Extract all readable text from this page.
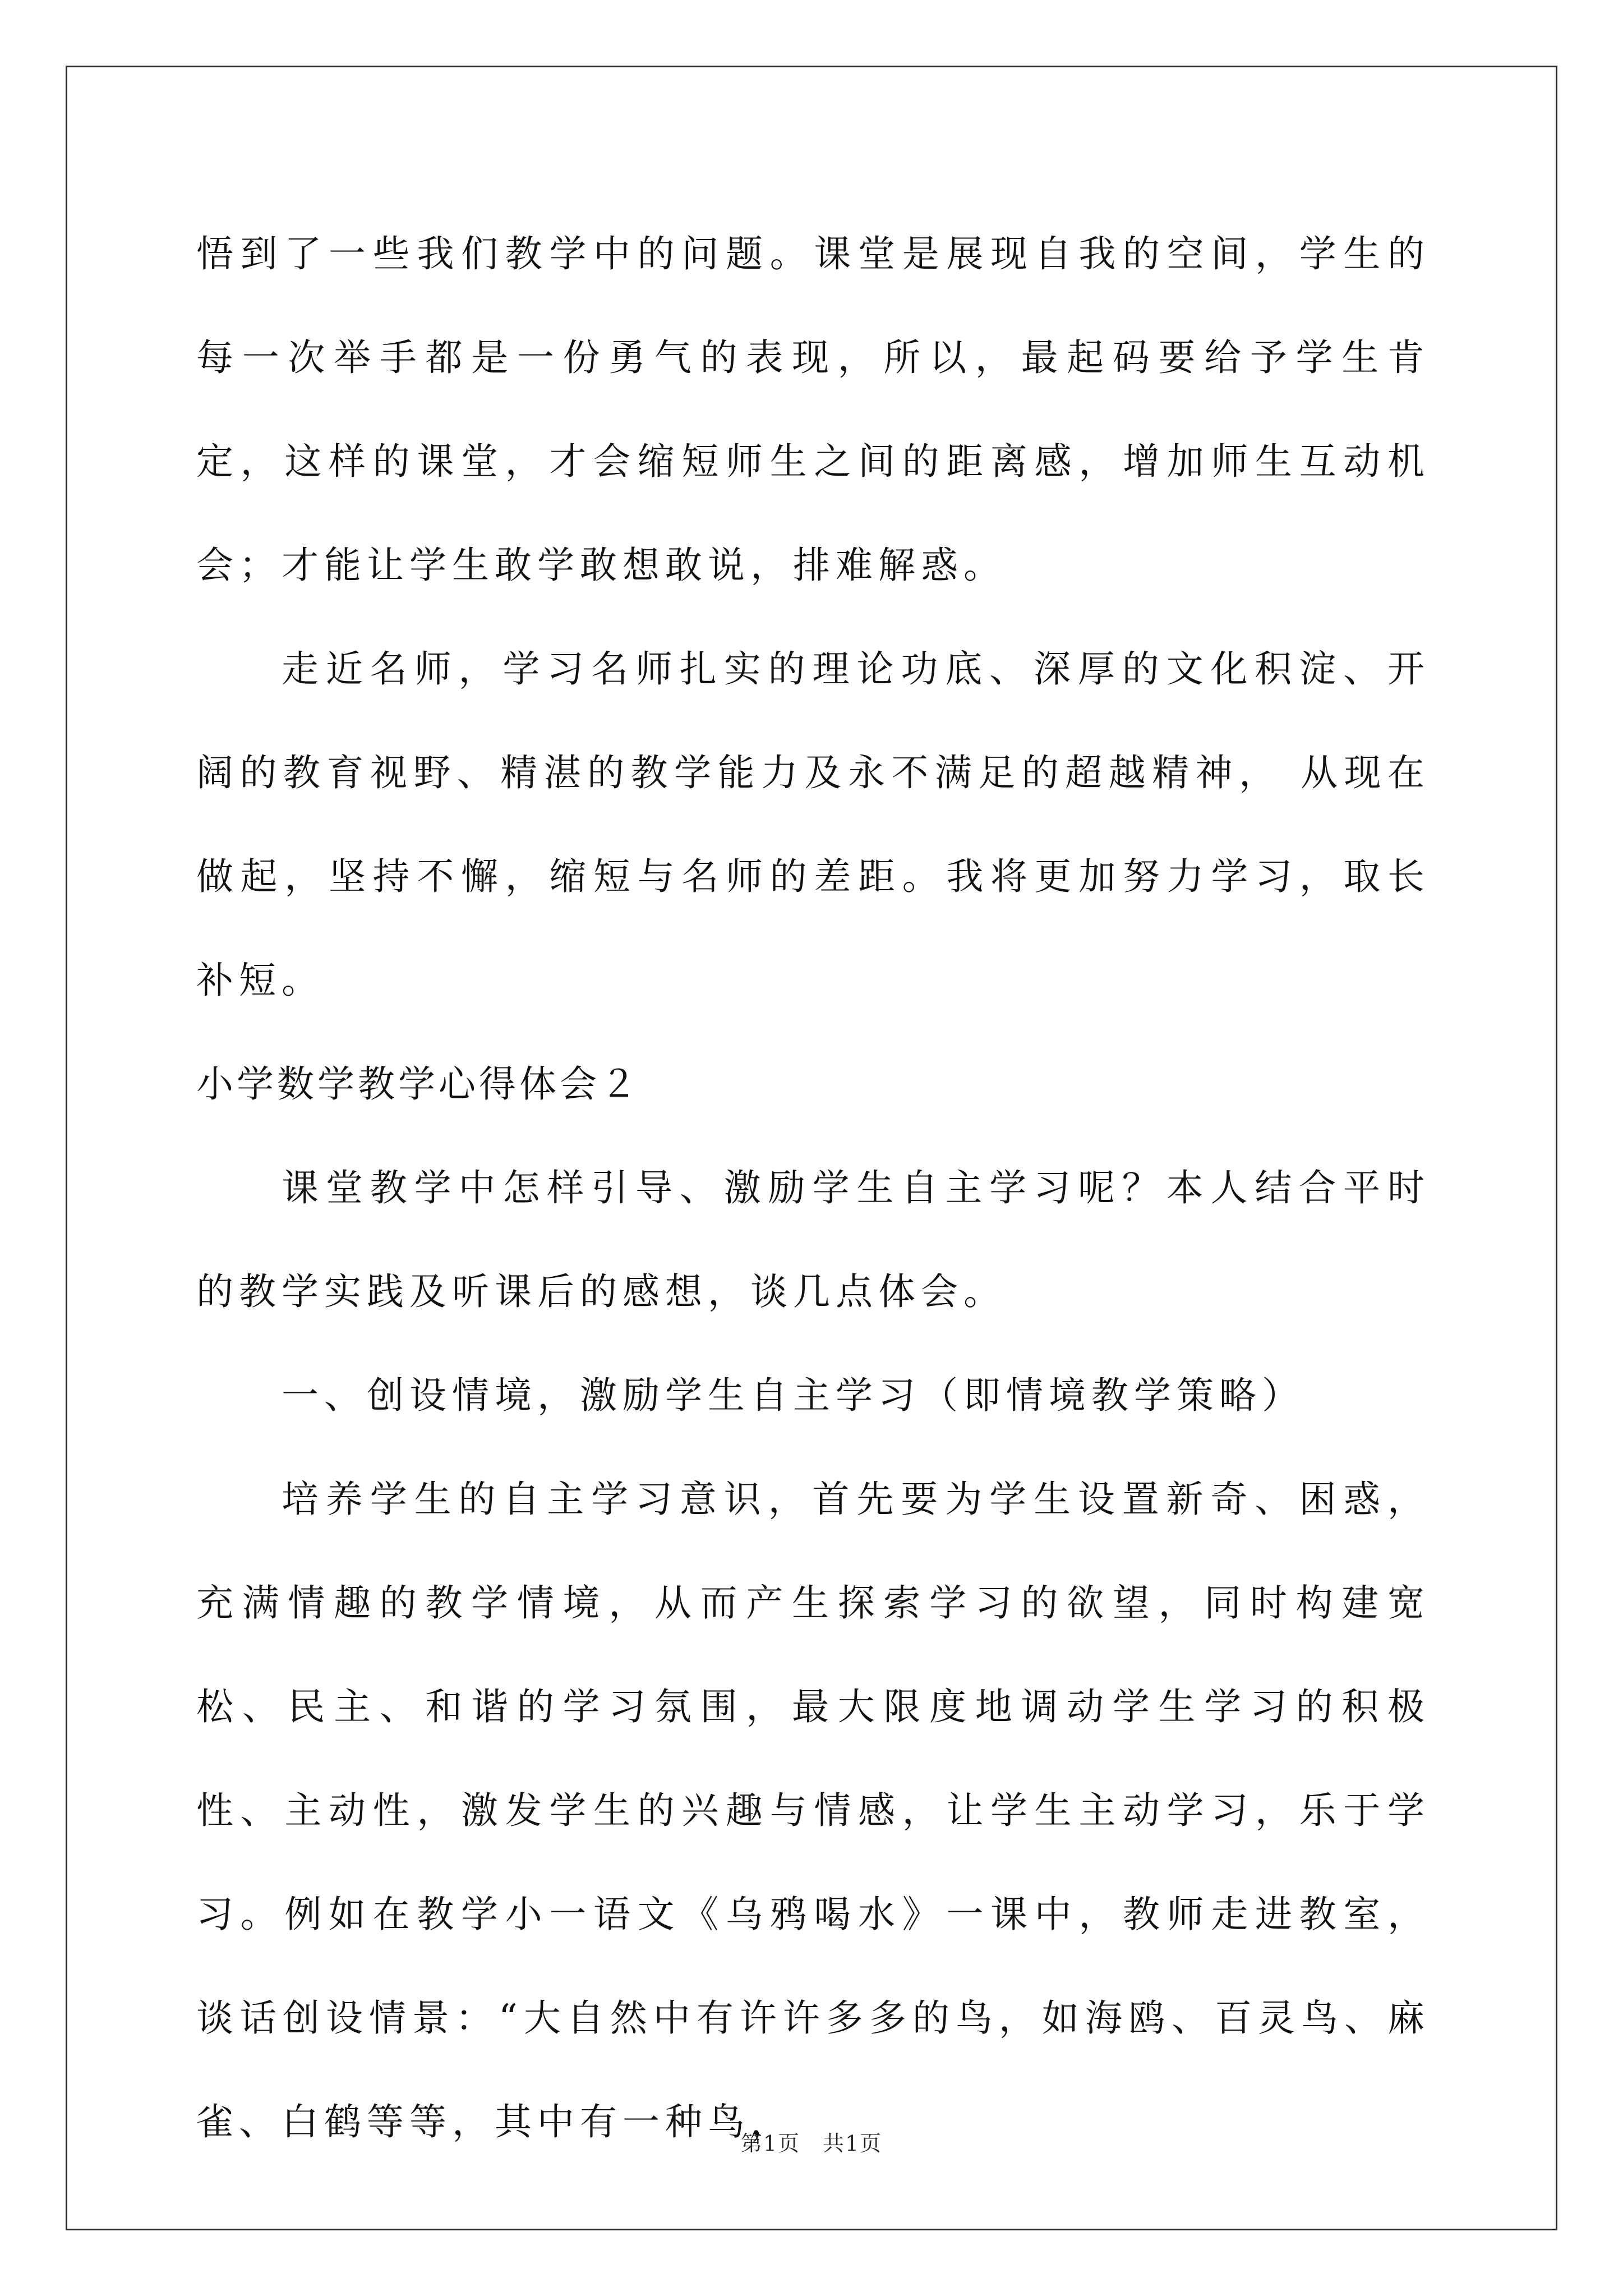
悟到了一些我们教学中的问题。课堂是展现自我的空间，学生的每一次举手都是一份勇气的表现，所以，最起码要给予学生肯定，这样的课堂，才会缩短师生之间的距离感，增加师生互动机会；才能让学生敢学敢想敢说，排难解惑。

走近名师，学习名师扎实的理论功底、深厚的文化积淀、开阔的教育视野、精湛的教学能力及永不满足的超越精神， 从现在做起，坚持不懈，缩短与名师的差距。我将更加努力学习，取长补短。

小学数学教学心得体会２

课堂教学中怎样引导、激励学生自主学习呢？本人结合平时的教学实践及听课后的感想，谈几点体会。

一、创设情境，激励学生自主学习（即情境教学策略）

培养学生的自主学习意识，首先要为学生设置新奇、困惑，充满情趣的教学情境，从而产生探索学习的欲望，同时构建宽松、民主、和谐的学习氛围，最大限度地调动学生学习的积极性、主动性，激发学生的兴趣与情感，让学生主动学习，乐于学习。例如在教学小一语文《乌鸦喝水》一课中，教师走进教室，谈话创设情景：“大自然中有许许多多的鸟，如海鸥、百灵鸟、麻雀、白鹤等等，其中有一种鸟，

第1页　共1页
